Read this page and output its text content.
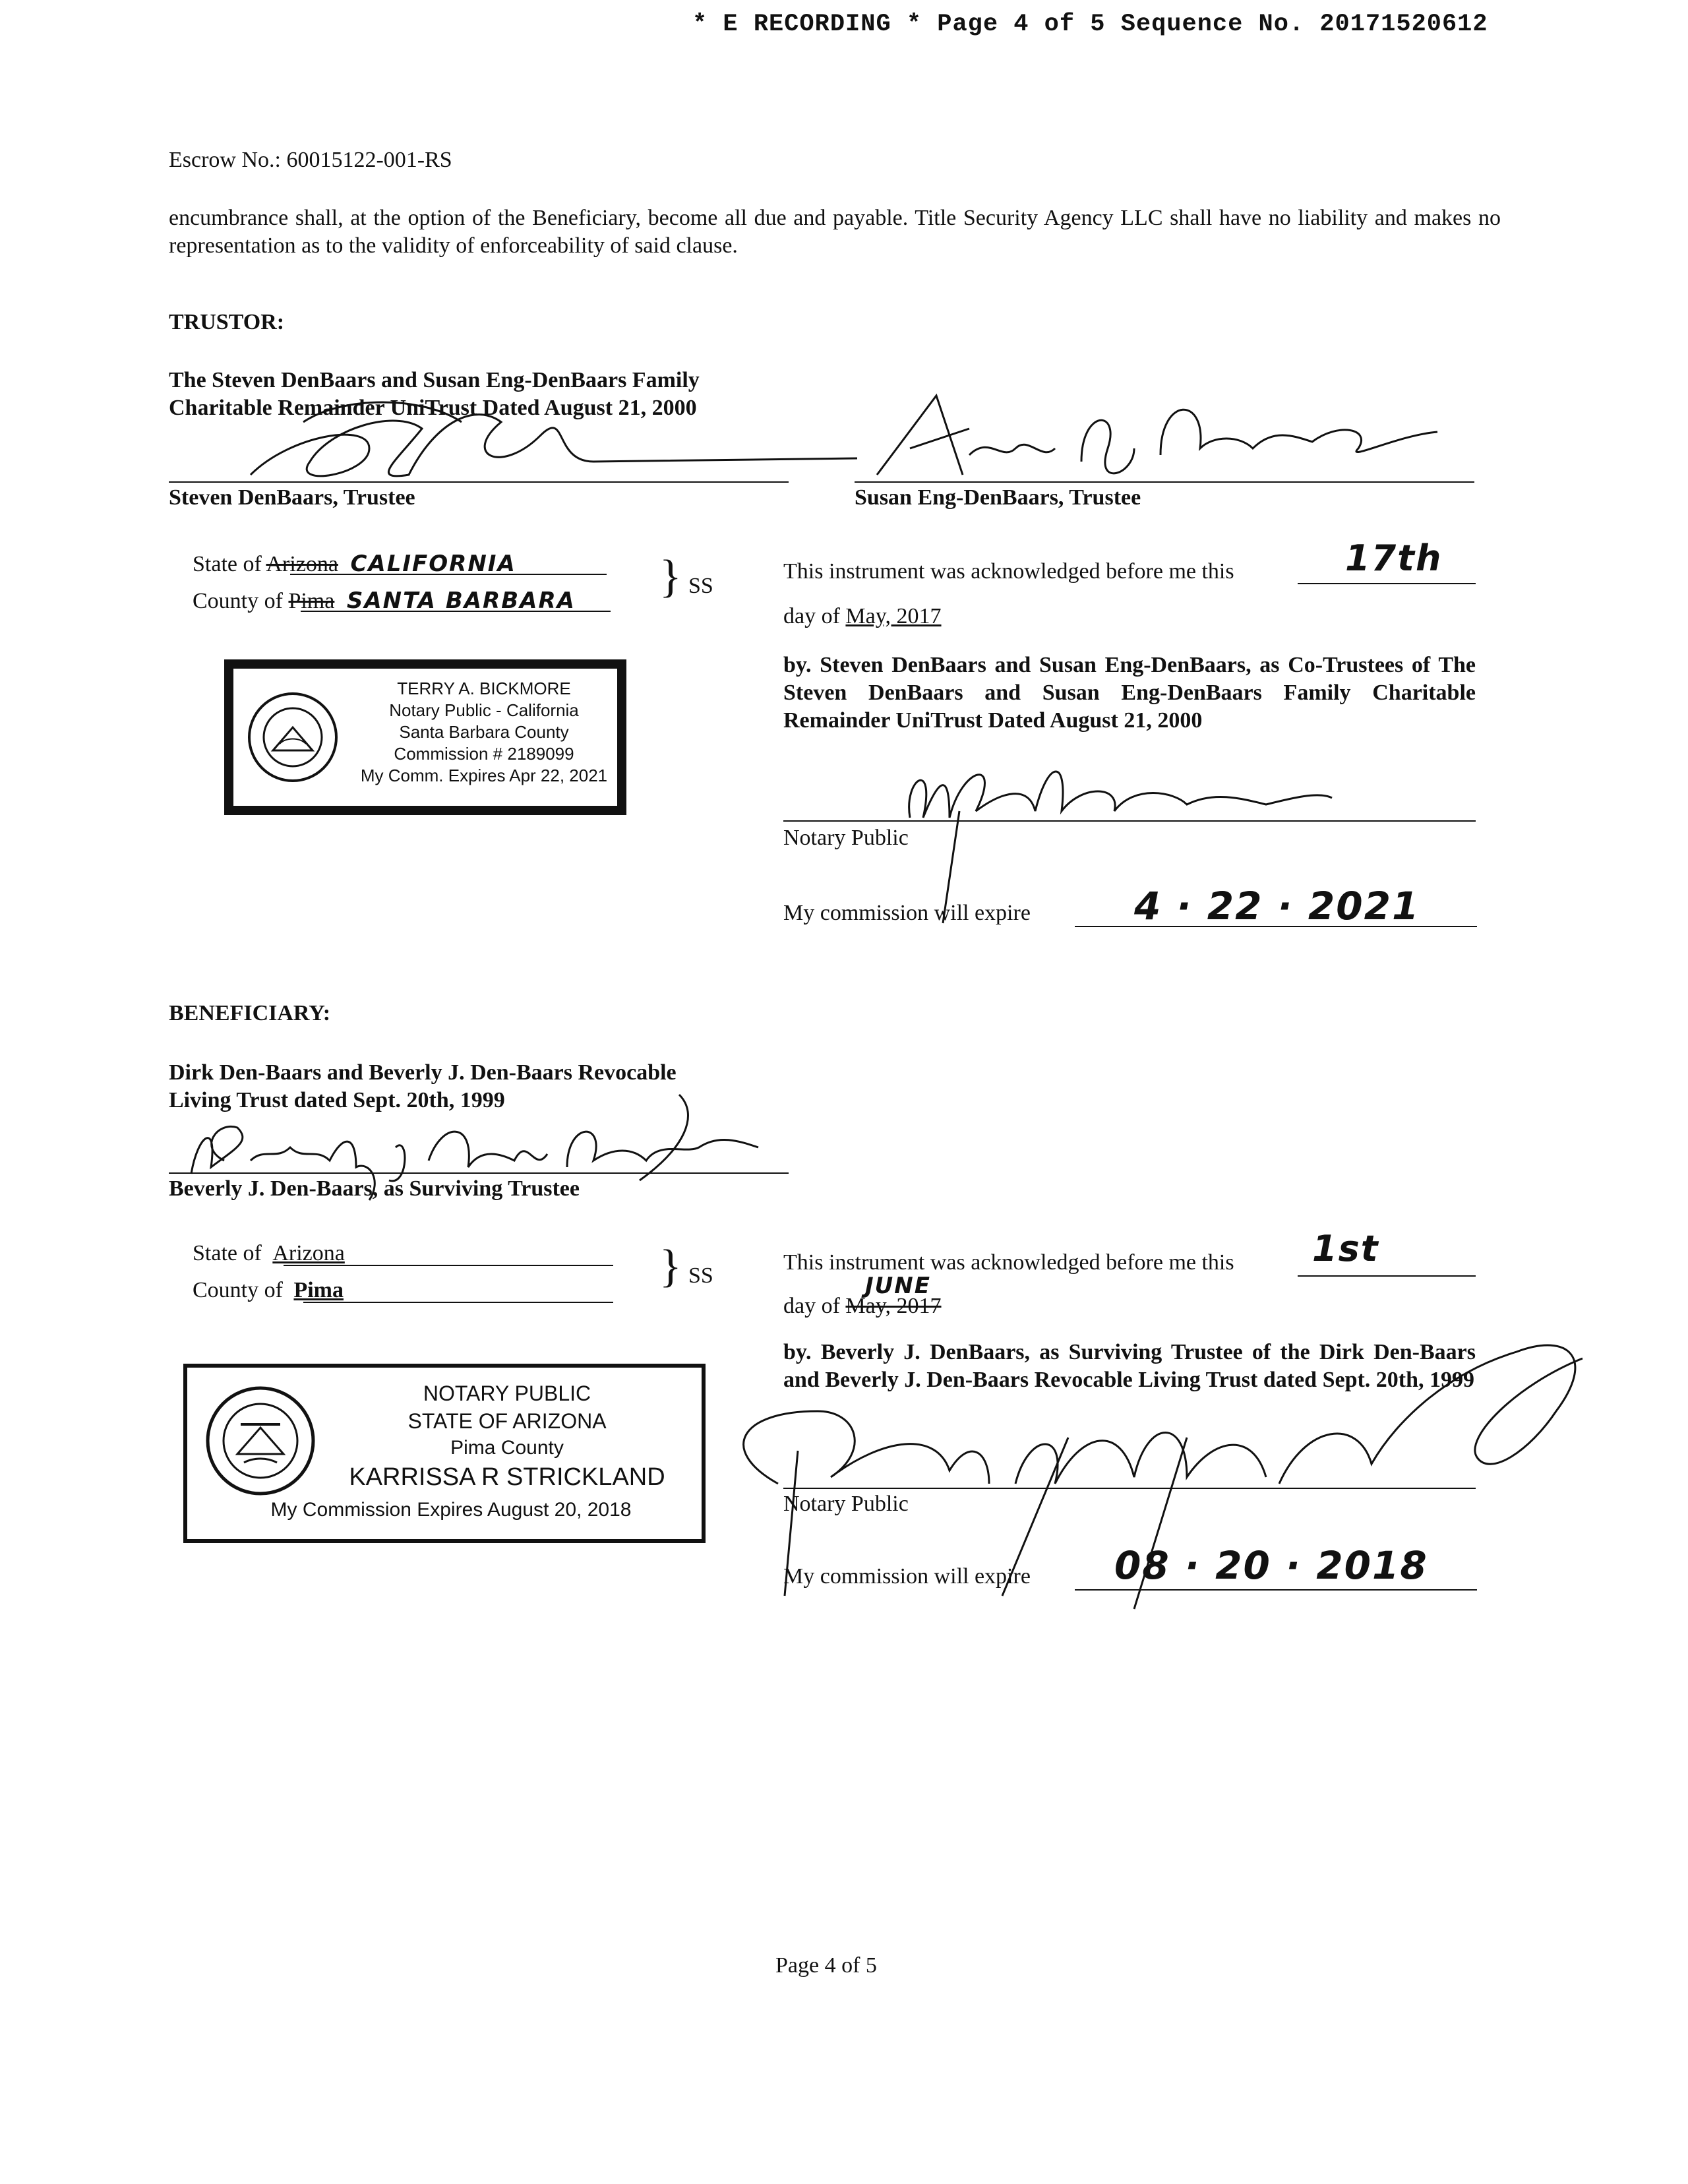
* E RECORDING * Page 4 of 5 Sequence No. 20171520612
Escrow No.: 60015122-001-RS
encumbrance shall, at the option of the Beneficiary, become all due and payable. Title Security Agency LLC shall have no liability and makes no representation as to the validity of enforceability of said clause.
TRUSTOR:
The Steven DenBaars and Susan Eng-DenBaars Family
Charitable Remainder UniTrust Dated August 21, 2000
Steven DenBaars, Trustee	Susan Eng-DenBaars, Trustee
State of Arizona CALIFORNIA
County of Pima SANTA BARBARA } SS
TERRY A. BICKMORE
Notary Public - California
Santa Barbara County
Commission # 2189099
My Comm. Expires Apr 22, 2021
This instrument was acknowledged before me this	17th
day of May, 2017
by. Steven DenBaars and Susan Eng-DenBaars, as Co-Trustees of The Steven DenBaars and Susan Eng-DenBaars Family Charitable Remainder UniTrust Dated August 21, 2000
Notary Public
My commission will expire	4 · 22 · 2021
BENEFICIARY:
Dirk Den-Baars and Beverly J. Den-Baars Revocable
Living Trust dated Sept. 20th, 1999
Beverly J. Den-Baars, as Surviving Trustee
State of Arizona
County of Pima	} SS
NOTARY PUBLIC
STATE OF ARIZONA
Pima County
KARRISSA R STRICKLAND
My Commission Expires August 20, 2018
This instrument was acknowledged before me this 1st
day of May, 2017
JUNE
by. Beverly J. DenBaars, as Surviving Trustee of the Dirk Den-Baars and Beverly J. Den-Baars Revocable Living Trust dated Sept. 20th, 1999
Notary Public
My commission will expire 08 · 20 · 2018
Page 4 of 5
